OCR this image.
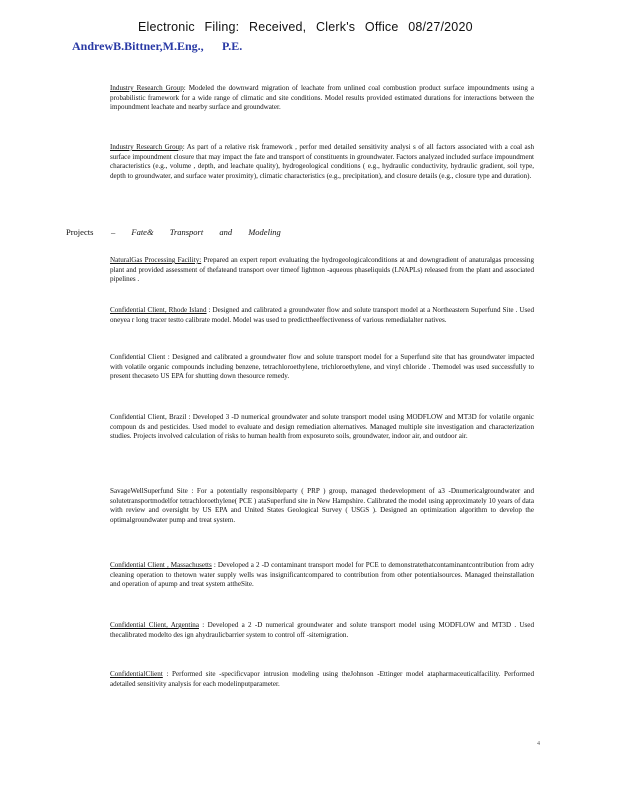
Electronic Filing: Received, Clerk's Office 08/27/2020
AndrewB.Bittner,M.Eng., P.E.
Industry Research Group: Modeled the downward migration of leachate from unlined coal combustion product surface impoundments using a probabilistic framework for a wide range of climatic and site conditions. Model results provided estimated durations for interactions between the impoundment leachate and nearby surface and groundwater.
Industry Research Group: As part of a relative risk framework , perfor med detailed sensitivity analysi s of all factors associated with a coal ash surface impoundment closure that may impact the fate and transport of constituents in groundwater. Factors analyzed included surface impoundment characteristics (e.g., volume , depth, and leachate quality), hydrogeological conditions ( e.g., hydraulic conductivity, hydraulic gradient, soil type, depth to groundwater, and surface water proximity), climatic characteristics (e.g., precipitation), and closure details (e.g., closure type and duration).
Projects – Fate& Transport and Modeling
NaturalGas Processing Facility: Prepared an expert report evaluating the hydrogeologicalconditions at and downgradient of anaturalgas processing plant and provided assessment of thefateand transport over timeof lightnon -aqueous phaseliquids (LNAPLs) released from the plant and associated pipelines .
Confidential Client, Rhode Island : Designed and calibrated a groundwater flow and solute transport model at a Northeastern Superfund Site . Used oneyea r long tracer testto calibrate model. Model was used to predicttheeffectiveness of various remedialalter natives.
Confidential Client : Designed and calibrated a groundwater flow and solute transport model for a Superfund site that has groundwater impacted with volatile organic compounds including benzene, tetrachloroethylene, trichloroethylene, and vinyl chloride . Themodel was used successfully to present thecaseto US EPA for shutting down thesource remedy.
Confidential Client, Brazil : Developed 3 -D numerical groundwater and solute transport model using MODFLOW and MT3D for volatile organic compoun ds and pesticides. Used model to evaluate and design remediation alternatives. Managed multiple site investigation and characterization studies. Projects involved calculation of risks to human health from exposureto soils, groundwater, indoor air, and outdoor air.
SavageWellSuperfund Site : For a potentially responsibleparty ( PRP ) group, managed thedevelopment of a3 -Dnumericalgroundwater and solutetransportmodelfor tetrachloroethylene( PCE ) ataSuperfund site in New Hampshire. Calibrated the model using approximately 10 years of data with review and oversight by US EPA and United States Geological Survey ( USGS ). Designed an optimization algorithm to develop the optimalgroundwater pump and treat system.
Confidential Client , Massachusetts : Developed a 2 -D contaminant transport model for PCE to demonstratethatcontaminantcontribution from adry cleaning operation to thetown water supply wells was insignificantcompared to contribution from other potentialsources. Managed theinstallation and operation of apump and treat system attheSite.
Confidential Client, Argentina : Developed a 2 -D numerical groundwater and solute transport model using MODFLOW and MT3D . Used thecalibrated modelto des ign ahydraulicbarrier system to control off -sitemigration.
ConfidentialClient : Performed site -specificvapor intrusion modeling using theJohnson -Ettinger model atapharmaceuticalfacility. Performed adetailed sensitivity analysis for each modelinputparameter.
4
